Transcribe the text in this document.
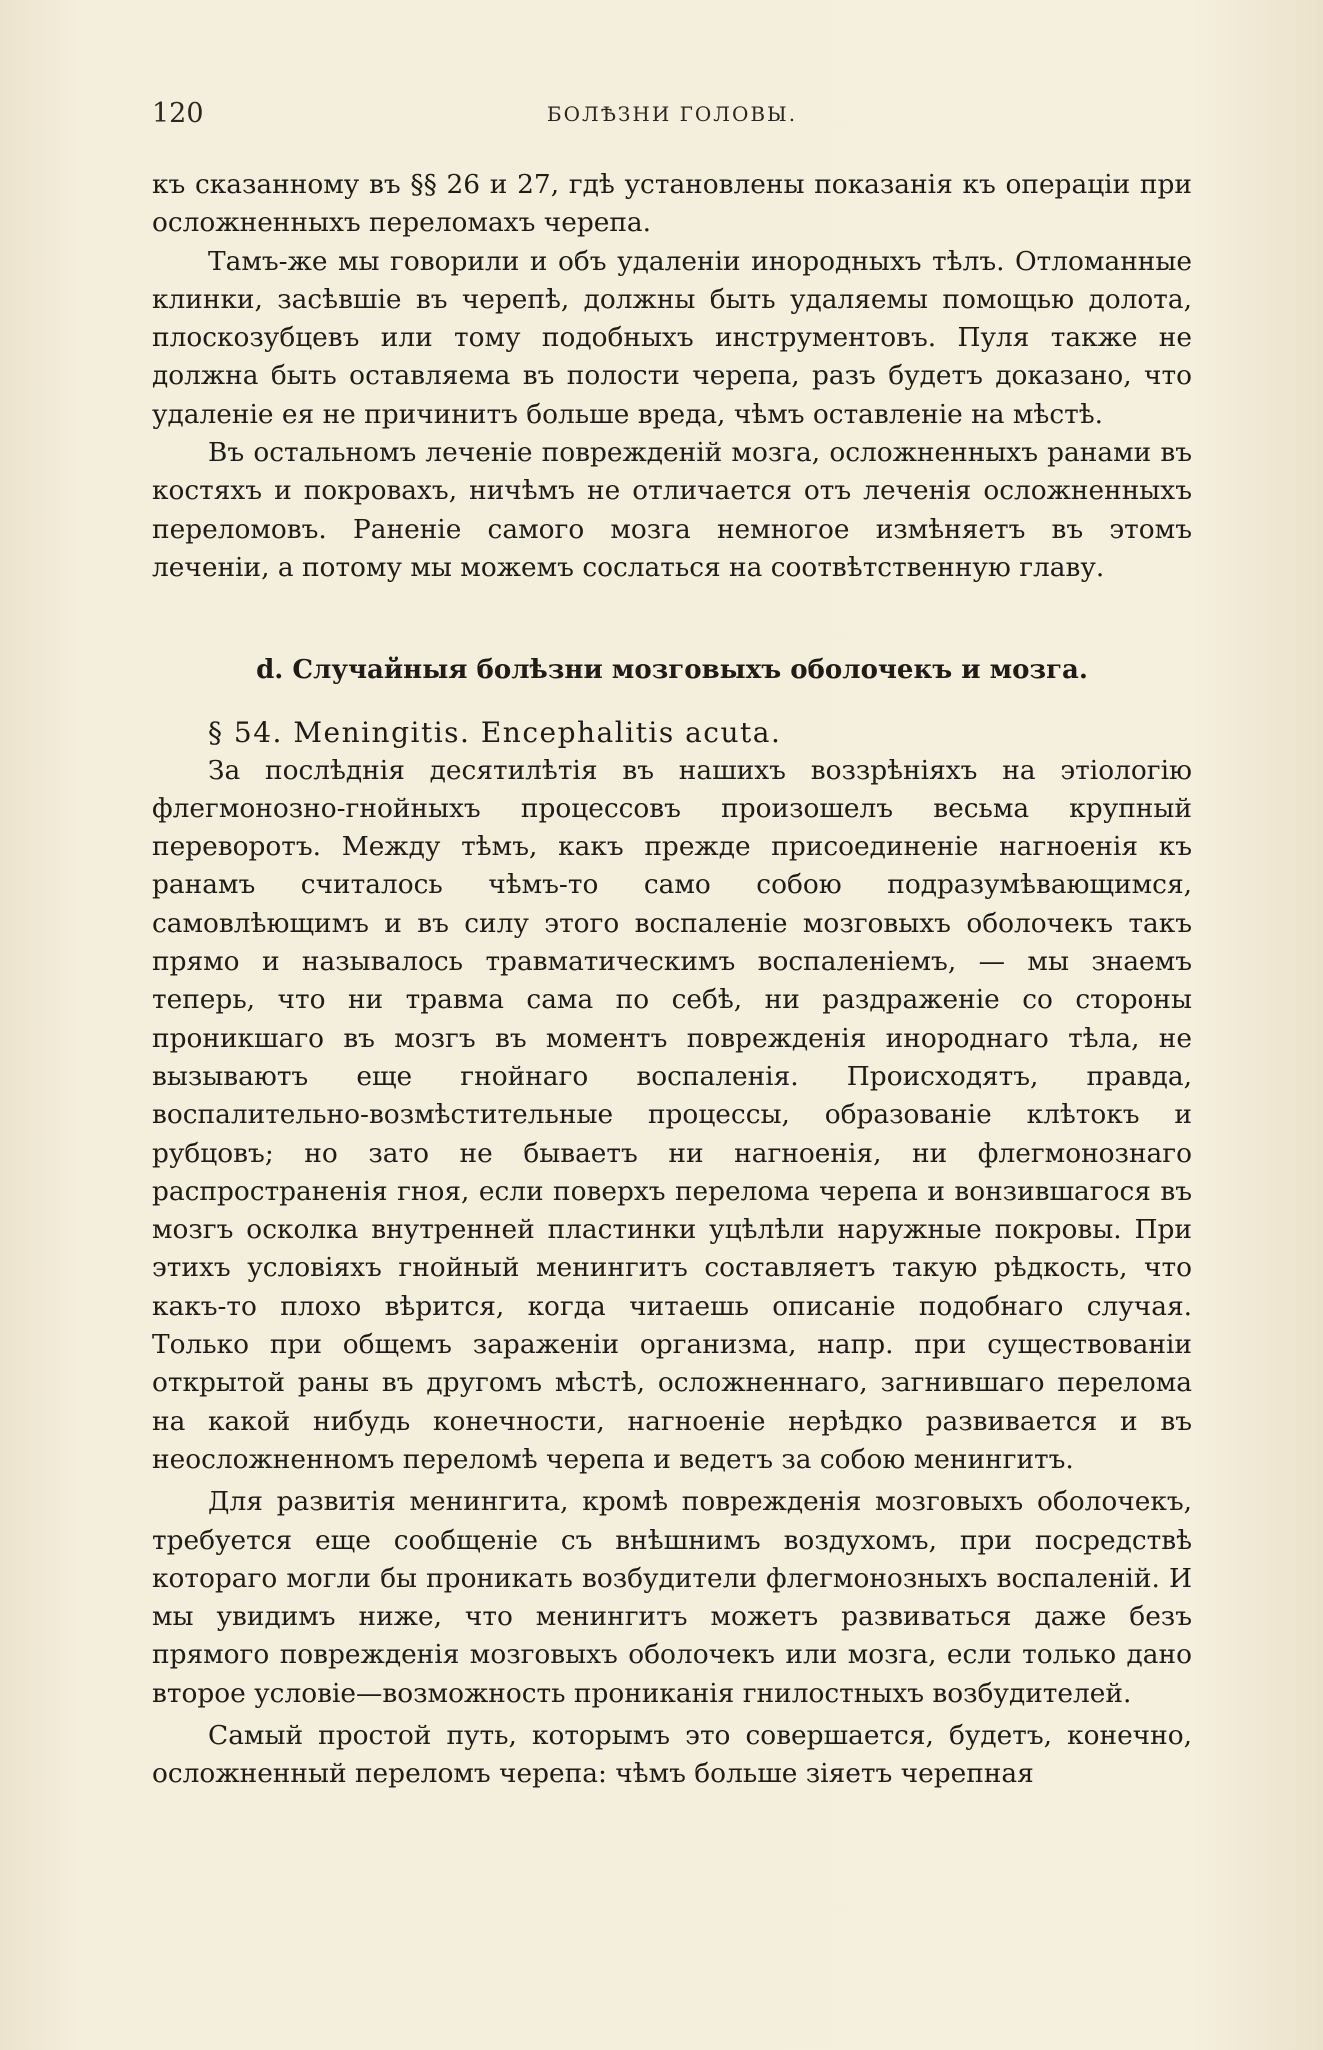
120	БОЛѢЗНИ ГОЛОВЫ.

къ сказанному въ §§ 26 и 27, гдѣ установлены показанія къ операціи при осложненныхъ переломахъ черепа.

Тамъ-же мы говорили и объ удаленіи инородныхъ тѣлъ. Отломанные клинки, засѣвшіе въ черепѣ, должны быть удаляемы помощью долота, плоскозубцевъ или тому подобныхъ инструментовъ. Пуля также не должна быть оставляема въ полости черепа, разъ будетъ доказано, что удаленіе ея не причинитъ больше вреда, чѣмъ оставленіе на мѣстѣ.

Въ остальномъ леченіе поврежденій мозга, осложненныхъ ранами въ костяхъ и покровахъ, ничѣмъ не отличается отъ леченія осложненныхъ переломовъ. Раненіе самого мозга немногое измѣняетъ въ этомъ леченіи, а потому мы можемъ сослаться на соотвѣтственную главу.

d. Случайныя болѣзни мозговыхъ оболочекъ и мозга.
§ 54. Meningitis. Encephalitis acuta.

За послѣднія десятилѣтія въ нашихъ воззрѣніяхъ на этіологію флегмонозно-гнойныхъ процессовъ произошелъ весьма крупный переворотъ. Между тѣмъ, какъ прежде присоединеніе нагноенія къ ранамъ считалось чѣмъ-то само собою подразумѣвающимся, самовлѣющимъ и въ силу этого воспаленіе мозговыхъ оболочекъ такъ прямо и называлось травматическимъ воспаленіемъ, — мы знаемъ теперь, что ни травма сама по себѣ, ни раздраженіе со стороны проникшаго въ мозгъ въ моментъ поврежденія инороднаго тѣла, не вызываютъ еще гнойнаго воспаленія. Происходятъ, правда, воспалительно-возмѣстительные процессы, образованіе клѣтокъ и рубцовъ; но зато не бываетъ ни нагноенія, ни флегмонознаго распространенія гноя, если поверхъ перелома черепа и вонзившагося въ мозгъ осколка внутренней пластинки уцѣлѣли наружные покровы. При этихъ условіяхъ гнойный менингитъ составляетъ такую рѣдкость, что какъ-то плохо вѣрится, когда читаешь описаніе подобнаго случая. Только при общемъ зараженіи организма, напр. при существованіи открытой раны въ другомъ мѣстѣ, осложненнаго, загнившаго перелома на какой нибудь конечности, нагноеніе нерѣдко развивается и въ неосложненномъ переломѣ черепа и ведетъ за собою менингитъ.

Для развитія менингита, кромѣ поврежденія мозговыхъ оболочекъ, требуется еще сообщеніе съ внѣшнимъ воздухомъ, при посредствѣ котораго могли бы проникать возбудители флегмонозныхъ воспаленій. И мы увидимъ ниже, что менингитъ можетъ развиваться даже безъ прямого поврежденія мозговыхъ оболочекъ или мозга, если только дано второе условіе—возможность прониканія гнилостныхъ возбудителей.

Самый простой путь, которымъ это совершается, будетъ, конечно, осложненный переломъ черепа: чѣмъ больше зіяетъ черепная
